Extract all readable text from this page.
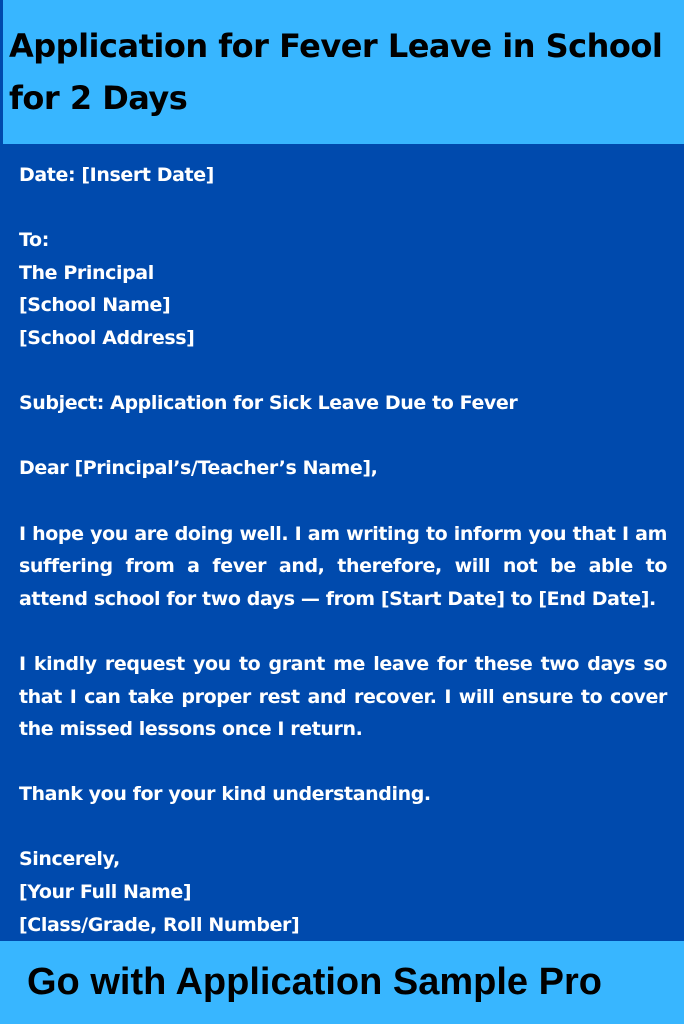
Application for Fever Leave in School for 2 Days

Date: [Insert Date]

To:

The Principal

[School Name]

[School Address]

Subject: Application for Sick Leave Due to Fever

Dear [Principal’s/Teacher’s Name],

I hope you are doing well. I am writing to inform you that I am suffering from a fever and, therefore, will not be able to attend school for two days — from [Start Date] to [End Date].

I kindly request you to grant me leave for these two days so that I can take proper rest and recover. I will ensure to cover the missed lessons once I return.

Thank you for your kind understanding.

Sincerely,

[Your Full Name]

[Class/Grade, Roll Number]

Go with Application Sample Pro
